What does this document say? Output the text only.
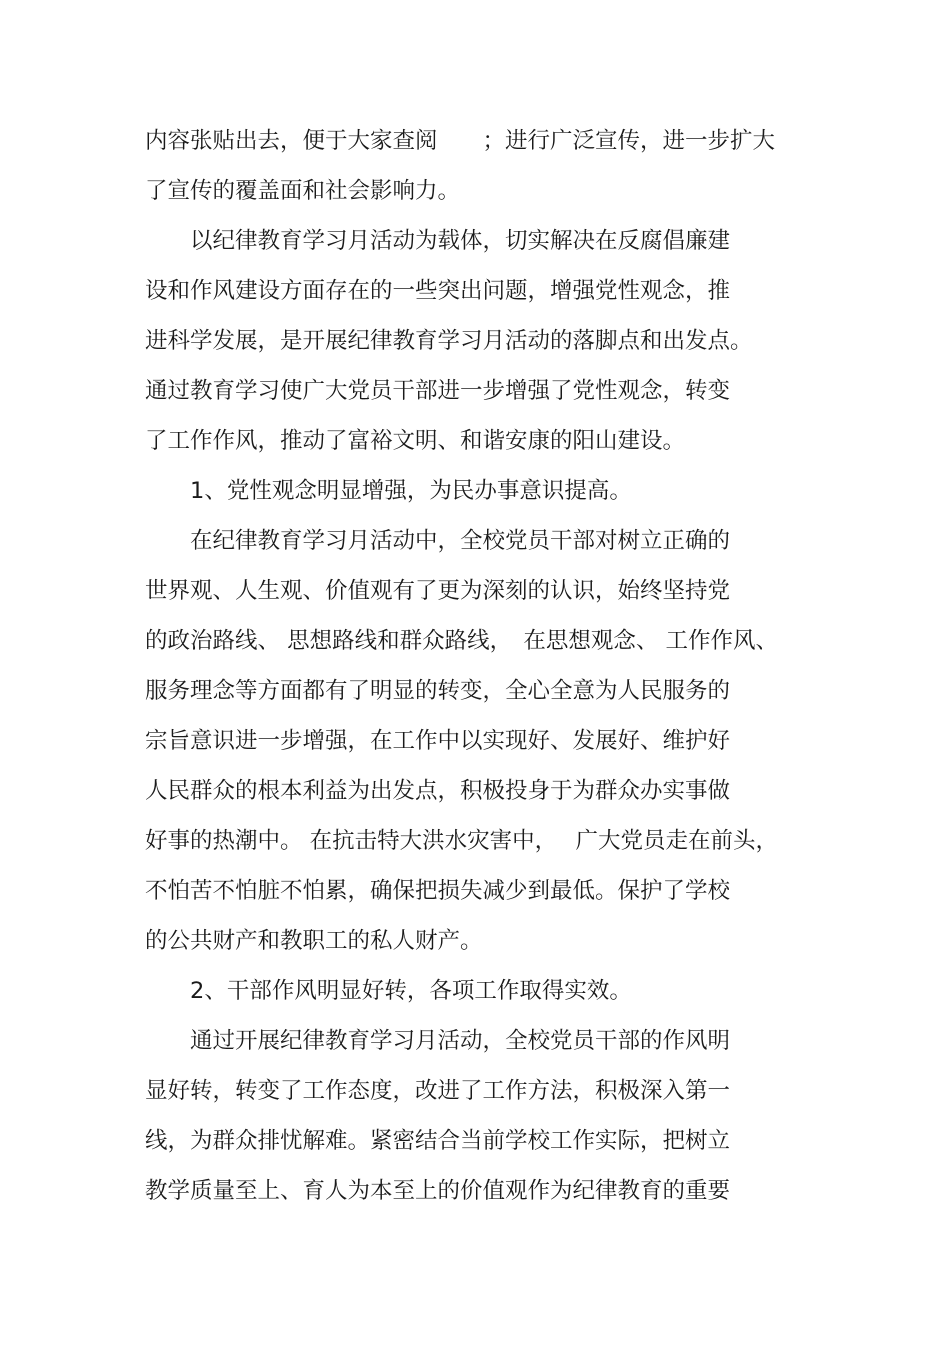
内容张贴出去，便于大家查阅　　；进行广泛宣传，进一步扩大
了宣传的覆盖面和社会影响力。
　　以纪律教育学习月活动为载体，切实解决在反腐倡廉建
设和作风建设方面存在的一些突出问题，增强党性观念，推
进科学发展，是开展纪律教育学习月活动的落脚点和出发点。
通过教育学习使广大党员干部进一步增强了党性观念，转变
了工作作风，推动了富裕文明、和谐安康的阳山建设。
　　1、党性观念明显增强，为民办事意识提高。
　　在纪律教育学习月活动中，全校党员干部对树立正确的
世界观、人生观、价值观有了更为深刻的认识，始终坚持党
的政治路线、 思想路线和群众路线，　在思想观念、 工作作风、
服务理念等方面都有了明显的转变，全心全意为人民服务的
宗旨意识进一步增强，在工作中以实现好、发展好、维护好
人民群众的根本利益为出发点，积极投身于为群众办实事做
好事的热潮中。 在抗击特大洪水灾害中，　 广大党员走在前头，
不怕苦不怕脏不怕累，确保把损失减少到最低。保护了学校
的公共财产和教职工的私人财产。
　　2、干部作风明显好转，各项工作取得实效。
　　通过开展纪律教育学习月活动，全校党员干部的作风明
显好转，转变了工作态度，改进了工作方法，积极深入第一
线，为群众排忧解难。紧密结合当前学校工作实际，把树立
教学质量至上、育人为本至上的价值观作为纪律教育的重要
